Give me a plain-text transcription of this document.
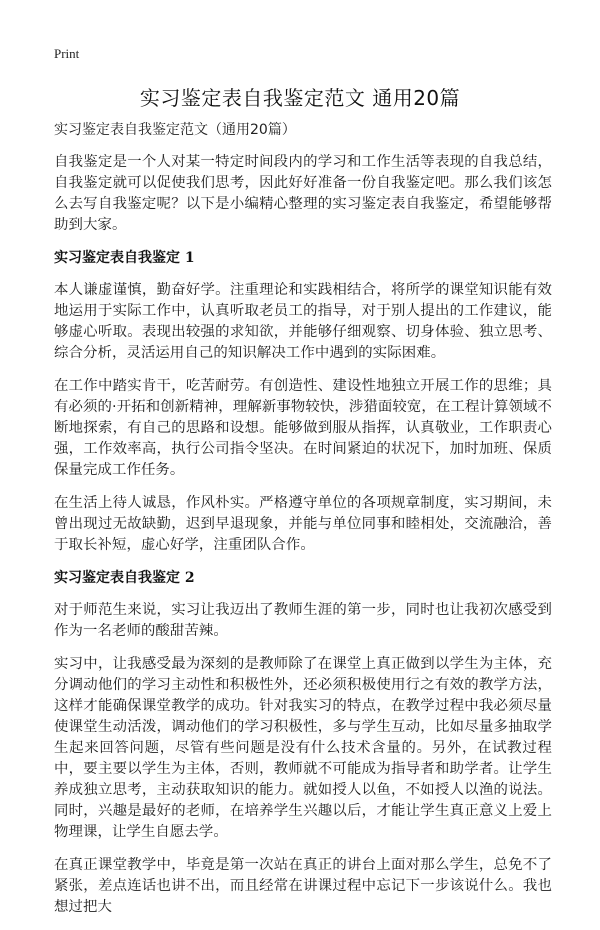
Print
实习鉴定表自我鉴定范文 通用20篇
实习鉴定表自我鉴定范文（通用20篇）

自我鉴定是一个人对某一特定时间段内的学习和工作生活等表现的自我总结，自我鉴定就可以促使我们思考，因此好好准备一份自我鉴定吧。那么我们该怎么去写自我鉴定呢？以下是小编精心整理的实习鉴定表自我鉴定，希望能够帮助到大家。

实习鉴定表自我鉴定 1

本人谦虚谨慎，勤奋好学。注重理论和实践相结合，将所学的课堂知识能有效地运用于实际工作中，认真听取老员工的指导，对于别人提出的工作建议，能够虚心听取。表现出较强的求知欲，并能够仔细观察、切身体验、独立思考、综合分析，灵活运用自己的知识解决工作中遇到的实际困难。

在工作中踏实肯干，吃苦耐劳。有创造性、建设性地独立开展工作的思维；具有必须的·开拓和创新精神，理解新事物较快，涉猎面较宽，在工程计算领域不断地探索，有自己的思路和设想。能够做到服从指挥，认真敬业，工作职责心强，工作效率高，执行公司指令坚决。在时间紧迫的状况下，加时加班、保质保量完成工作任务。

在生活上待人诚恳，作风朴实。严格遵守单位的各项规章制度，实习期间，未曾出现过无故缺勤，迟到早退现象，并能与单位同事和睦相处，交流融洽，善于取长补短，虚心好学，注重团队合作。

实习鉴定表自我鉴定 2

对于师范生来说，实习让我迈出了教师生涯的第一步，同时也让我初次感受到作为一名老师的酸甜苦辣。

实习中，让我感受最为深刻的是教师除了在课堂上真正做到以学生为主体，充分调动他们的学习主动性和积极性外，还必须积极使用行之有效的教学方法，这样才能确保课堂教学的成功。针对我实习的特点，在教学过程中我必须尽量使课堂生动活泼，调动他们的学习积极性，多与学生互动，比如尽量多抽取学生起来回答问题，尽管有些问题是没有什么技术含量的。另外，在试教过程中，要主要以学生为主体，否则，教师就不可能成为指导者和助学者。让学生养成独立思考，主动获取知识的能力。就如授人以鱼，不如授人以渔的说法。同时，兴趣是最好的老师，在培养学生兴趣以后，才能让学生真正意义上爱上物理课，让学生自愿去学。

在真正课堂教学中，毕竟是第一次站在真正的讲台上面对那么学生，总免不了紧张，差点连话也讲不出，而且经常在讲课过程中忘记下一步该说什么。我也想过把大
